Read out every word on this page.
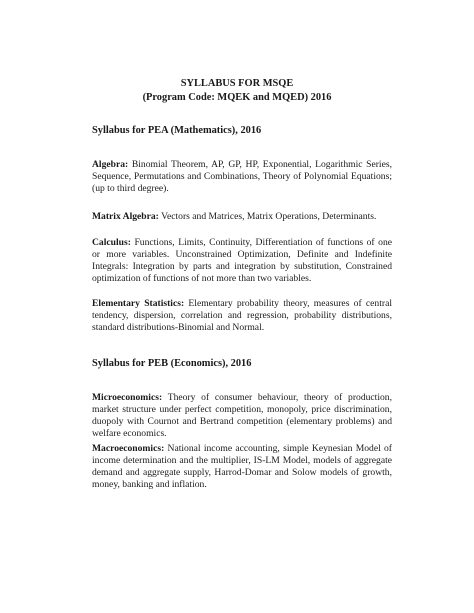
SYLLABUS FOR MSQE
(Program Code: MQEK and MQED) 2016
Syllabus for PEA (Mathematics), 2016
Algebra: Binomial Theorem, AP, GP, HP, Exponential, Logarithmic Series, Sequence, Permutations and Combinations, Theory of Polynomial Equations; (up to third degree).
Matrix Algebra: Vectors and Matrices, Matrix Operations, Determinants.
Calculus: Functions, Limits, Continuity, Differentiation of functions of one or more variables. Unconstrained Optimization, Definite and Indefinite Integrals: Integration by parts and integration by substitution, Constrained optimization of functions of not more than two variables.
Elementary Statistics: Elementary probability theory, measures of central tendency, dispersion, correlation and regression, probability distributions, standard distributions-Binomial and Normal.
Syllabus for PEB (Economics), 2016
Microeconomics: Theory of consumer behaviour, theory of production, market structure under perfect competition, monopoly, price discrimination, duopoly with Cournot and Bertrand competition (elementary problems) and welfare economics.
Macroeconomics: National income accounting, simple Keynesian Model of income determination and the multiplier, IS-LM Model, models of aggregate demand and aggregate supply, Harrod-Domar and Solow models of growth, money, banking and inflation.
